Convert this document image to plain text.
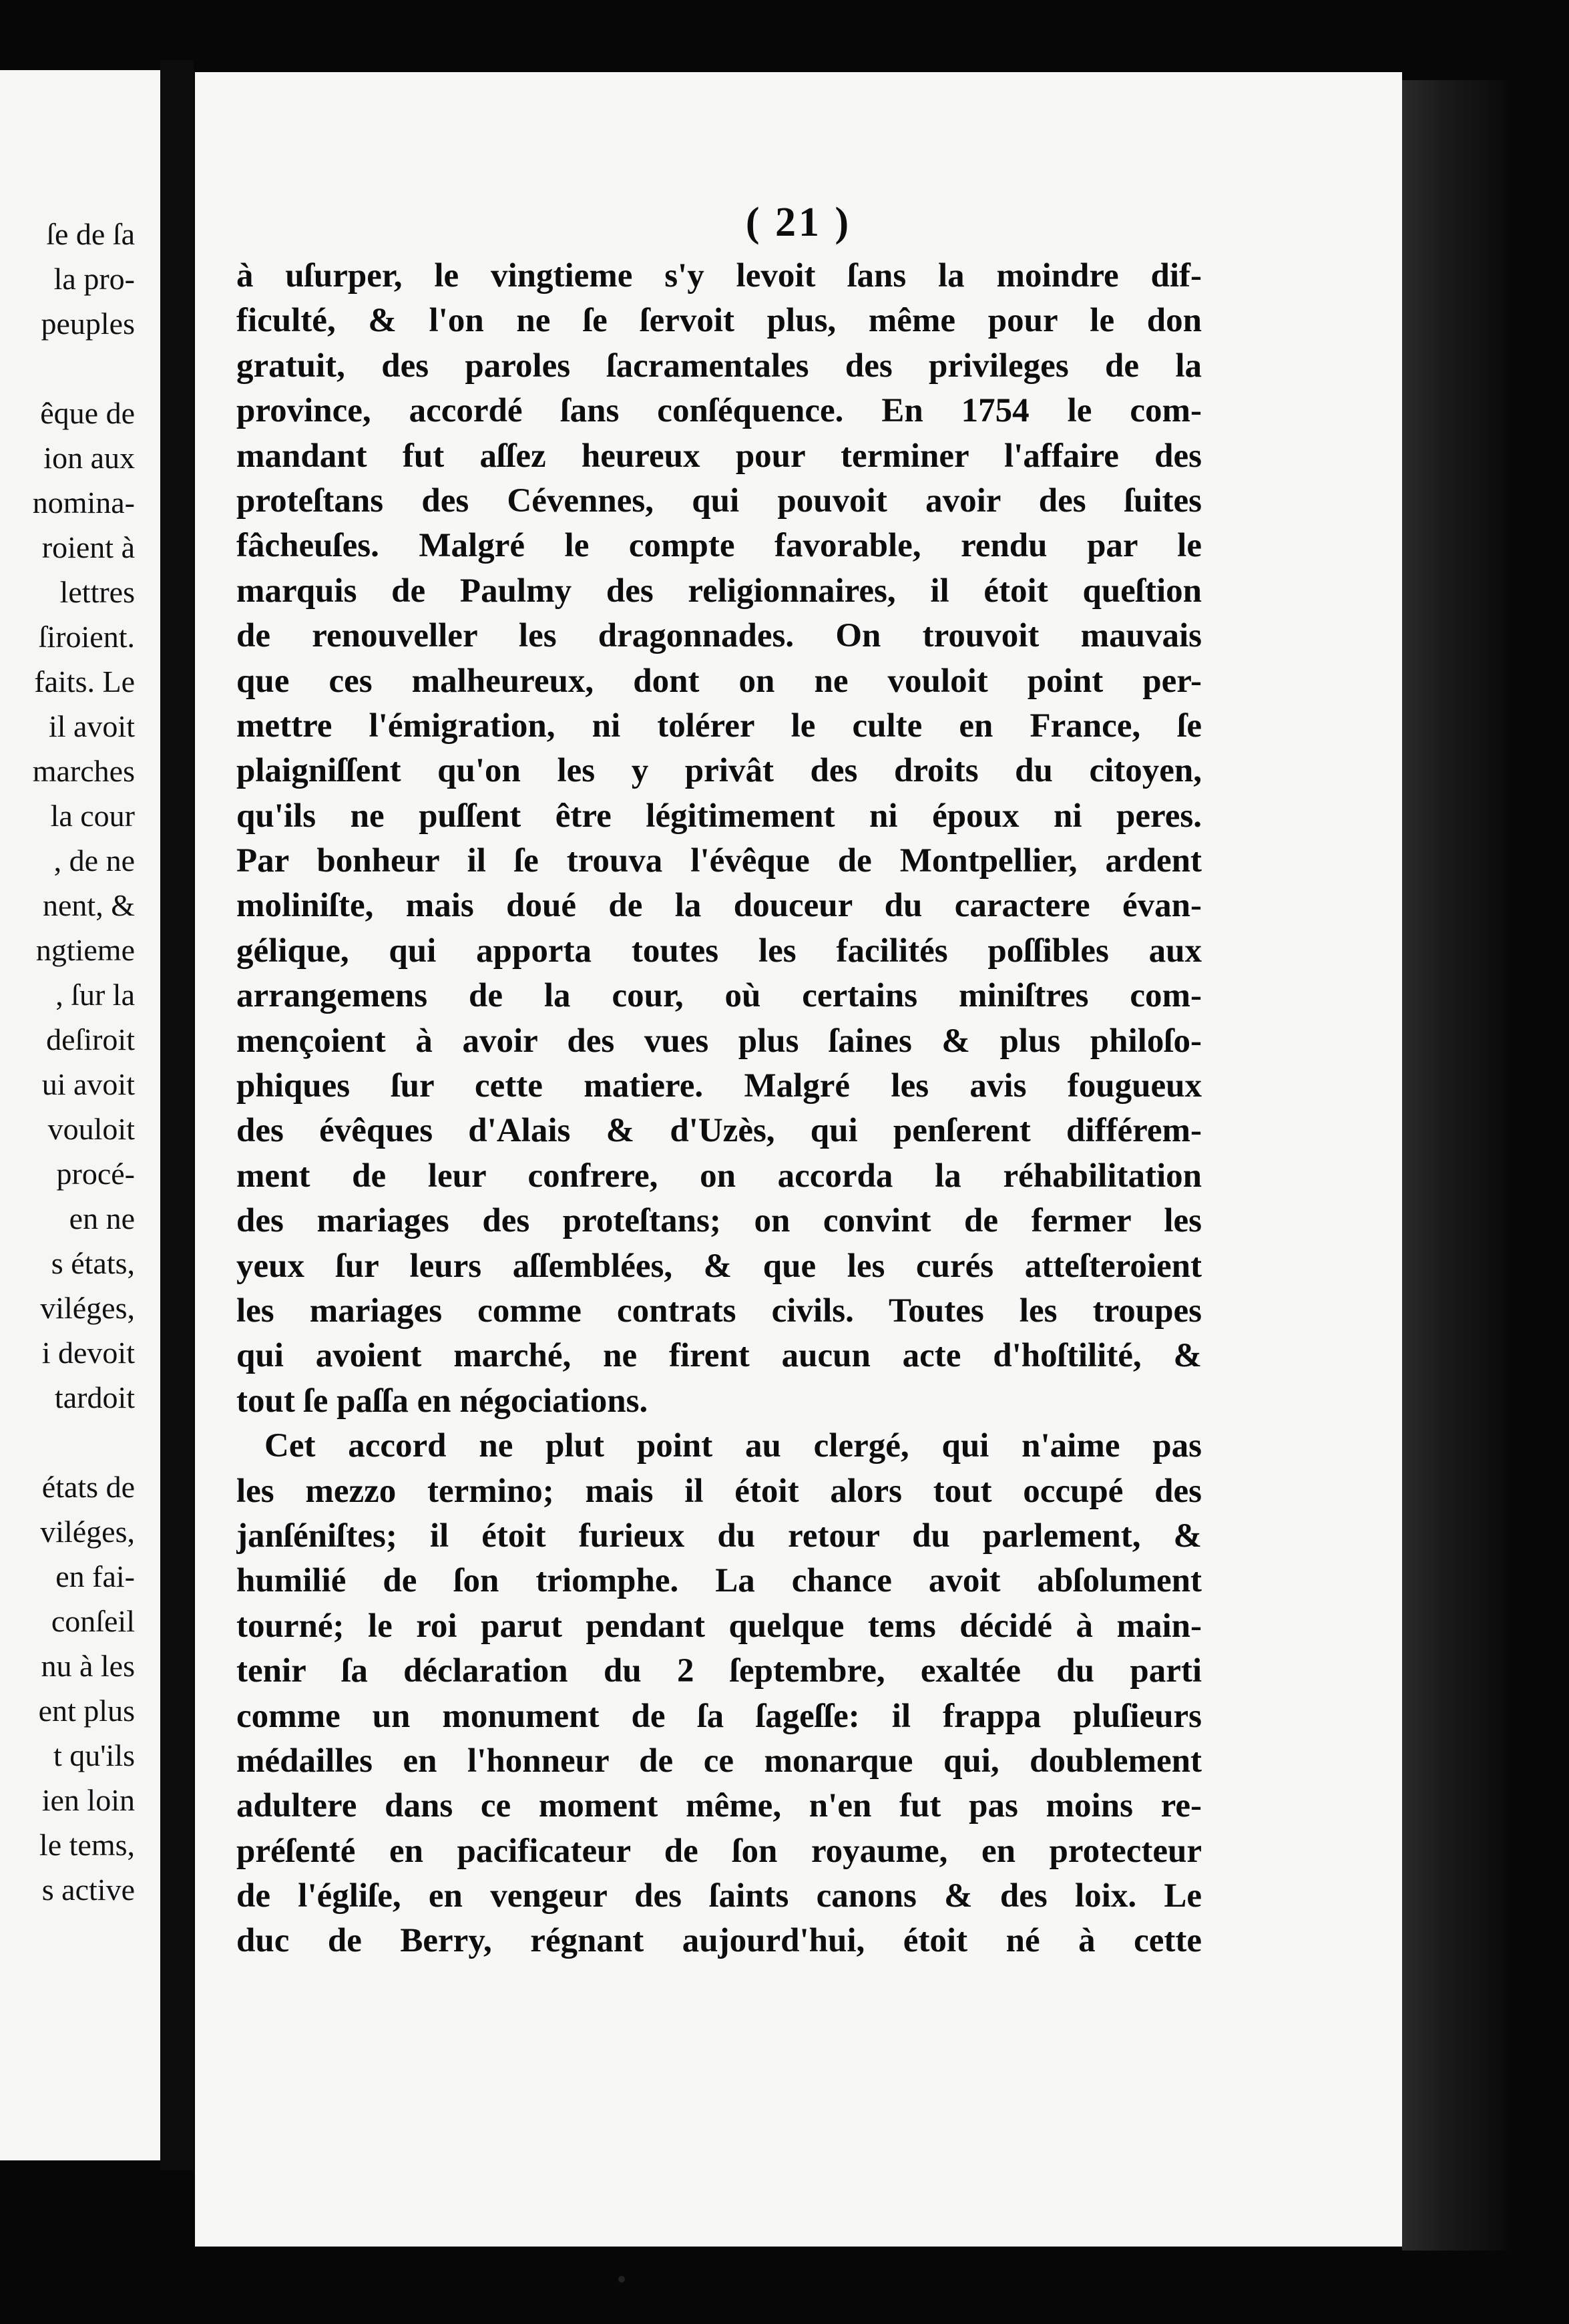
ſe de ſa
la pro-
peuples
êque de
ion aux
nomina-
roient à
lettres
ſiroient.
faits. Le
il avoit
marches
la cour
, de ne
nent, &
ngtieme
, ſur la
deſiroit
ui avoit
vouloit
procé-
en ne
s états,
viléges,
i devoit
tardoit
états de
viléges,
en fai-
conſeil
nu à les
ent plus
t qu'ils
ien loin
le tems,
s active
( 21 )
à uſurper, le vingtieme s'y levoit ſans la moindre dif-
ficulté, & l'on ne ſe ſervoit plus, même pour le don
gratuit, des paroles ſacramentales des privileges de la
province, accordé ſans conſéquence. En 1754 le com-
mandant fut aſſez heureux pour terminer l'affaire des
proteſtans des Cévennes, qui pouvoit avoir des ſuites
fâcheuſes. Malgré le compte favorable, rendu par le
marquis de Paulmy des religionnaires, il étoit queſtion
de renouveller les dragonnades. On trouvoit mauvais
que ces malheureux, dont on ne vouloit point per-
mettre l'émigration, ni tolérer le culte en France, ſe
plaigniſſent qu'on les y privât des droits du citoyen,
qu'ils ne puſſent être légitimement ni époux ni peres.
Par bonheur il ſe trouva l'évêque de Montpellier, ardent
moliniſte, mais doué de la douceur du caractere évan-
gélique, qui apporta toutes les facilités poſſibles aux
arrangemens de la cour, où certains miniſtres com-
mençoient à avoir des vues plus ſaines & plus philoſo-
phiques ſur cette matiere. Malgré les avis fougueux
des évêques d'Alais & d'Uzès, qui penſerent différem-
ment de leur confrere, on accorda la réhabilitation
des mariages des proteſtans; on convint de fermer les
yeux ſur leurs aſſemblées, & que les curés atteſteroient
les mariages comme contrats civils. Toutes les troupes
qui avoient marché, ne firent aucun acte d'hoſtilité, &
tout ſe paſſa en négociations.
Cet accord ne plut point au clergé, qui n'aime pas
les mezzo termino; mais il étoit alors tout occupé des
janſéniſtes; il étoit furieux du retour du parlement, &
humilié de ſon triomphe. La chance avoit abſolument
tourné; le roi parut pendant quelque tems décidé à main-
tenir ſa déclaration du 2 ſeptembre, exaltée du parti
comme un monument de ſa ſageſſe: il frappa pluſieurs
médailles en l'honneur de ce monarque qui, doublement
adultere dans ce moment même, n'en fut pas moins re-
préſenté en pacificateur de ſon royaume, en protecteur
de l'égliſe, en vengeur des ſaints canons & des loix. Le
duc de Berry, régnant aujourd'hui, étoit né à cette
